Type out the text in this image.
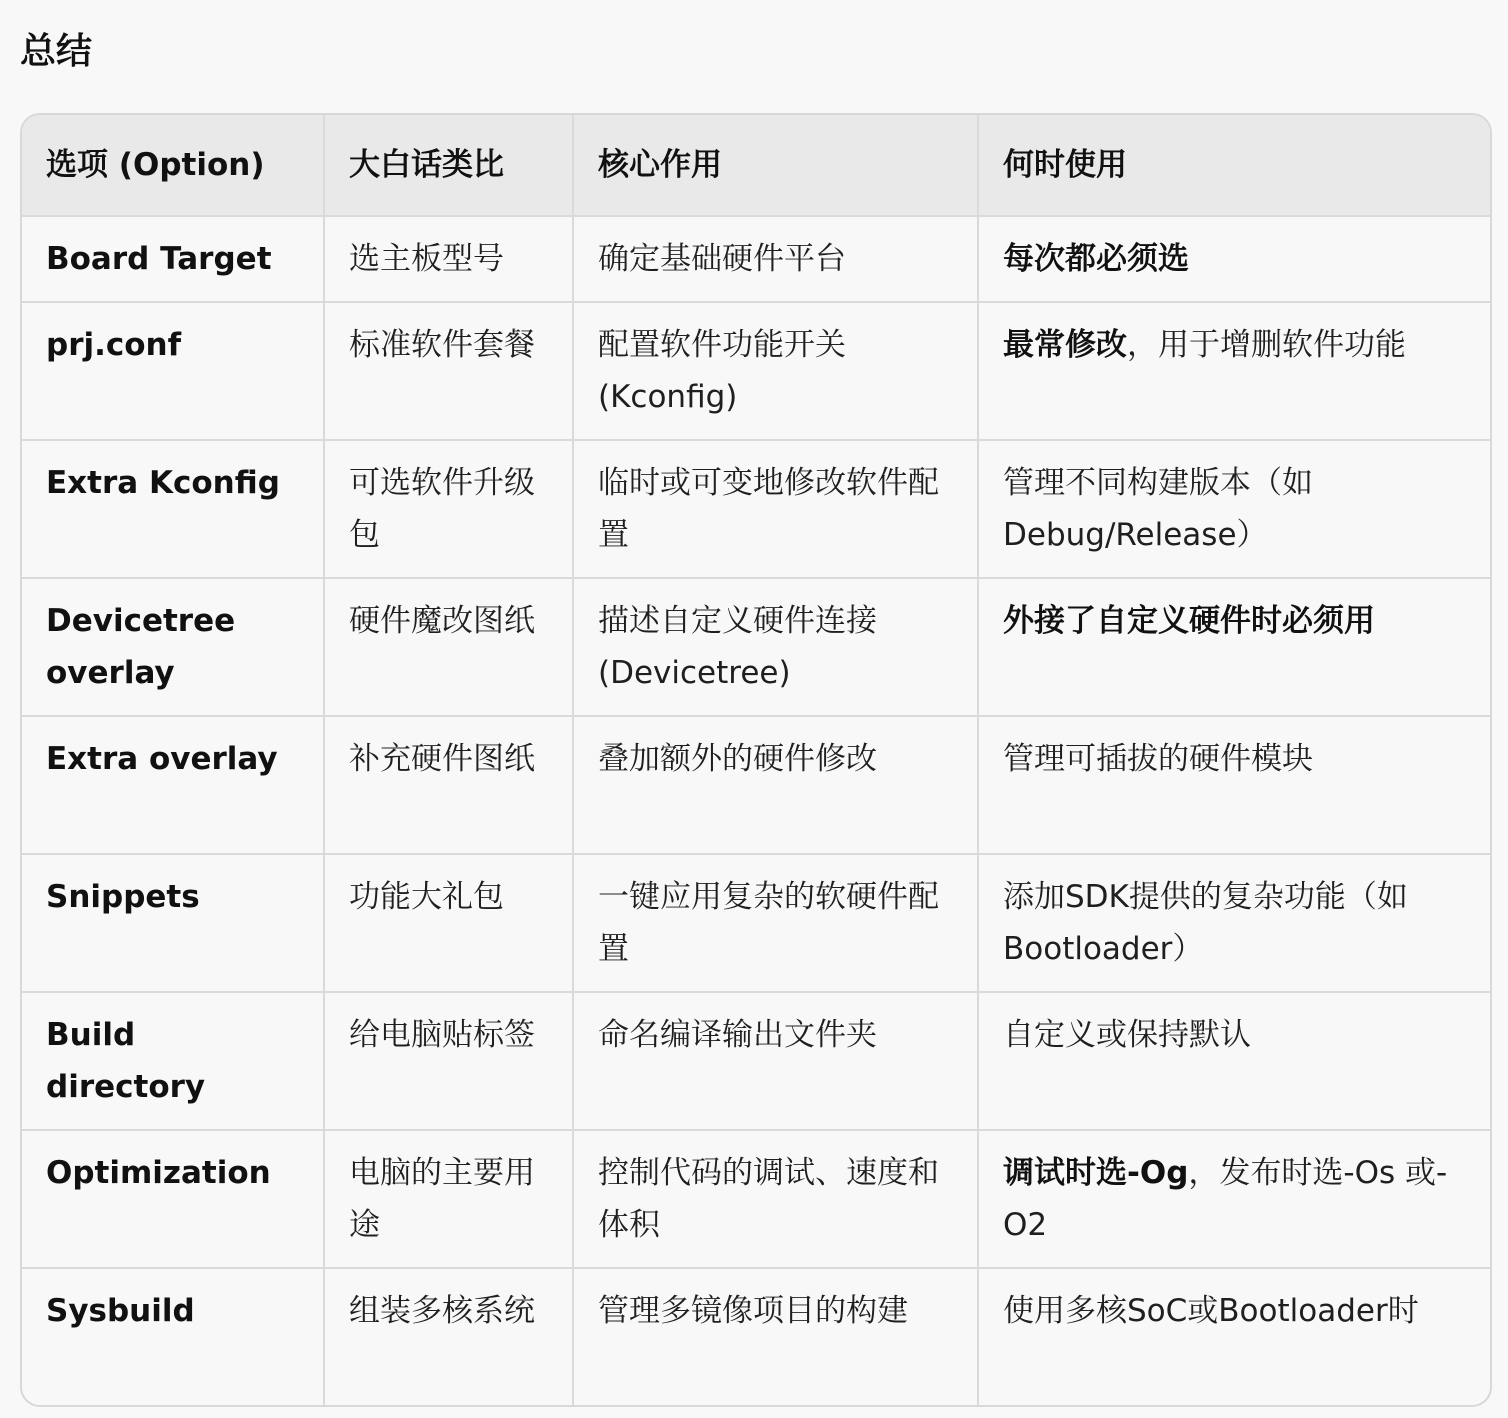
总结
选项 (Option)	大白话类比	核心作用	何时使用
Board Target	选主板型号	确定基础硬件平台	每次都必须选
prj.conf	标准软件套餐	配置软件功能开关 (Kconfig)	最常修改，用于增删软件功能
Extra Kconfig	可选软件升级包	临时或可变地修改软件配置	管理不同构建版本（如 Debug/Release）
Devicetree overlay	硬件魔改图纸	描述自定义硬件连接 (Devicetree)	外接了自定义硬件时必须用
Extra overlay	补充硬件图纸	叠加额外的硬件修改	管理可插拔的硬件模块
Snippets	功能大礼包	一键应用复杂的软硬件配置	添加SDK提供的复杂功能（如 Bootloader）
Build directory	给电脑贴标签	命名编译输出文件夹	自定义或保持默认
Optimization	电脑的主要用途	控制代码的调试、速度和体积	调试时选-Og，发布时选-Os 或-O2
Sysbuild	组装多核系统	管理多镜像项目的构建	使用多核SoC或Bootloader时
